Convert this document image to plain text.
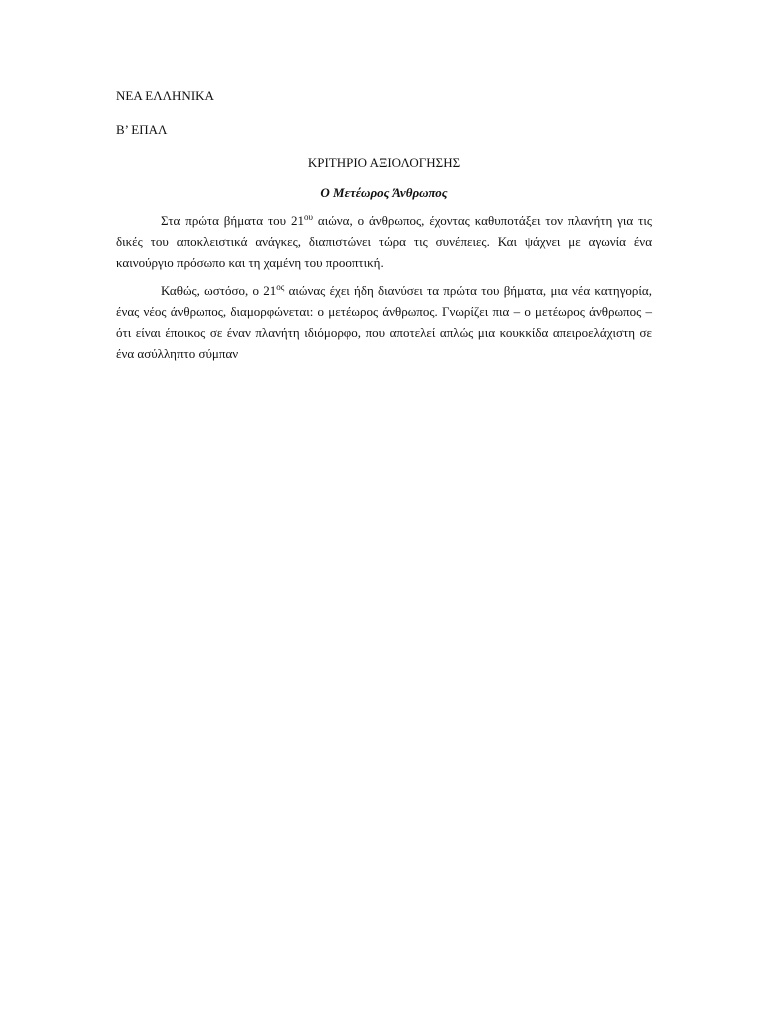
ΝΕΑ ΕΛΛΗΝΙΚΑ

Β’ ΕΠΑΛ

ΚΡΙΤΗΡΙΟ ΑΞΙΟΛΟΓΗΣΗΣ

Ο Μετέωρος Άνθρωπος

Στα πρώτα βήματα του $21^{o\upsilon}$ αιώνα, ο άνθρωπος, έχοντας καθυποτάξει τον πλανήτη για τις δικές του αποκλειστικά ανάγκες, διαπιστώνει τώρα τις συνέπειες. Και ψάχνει με αγωνία ένα καινούργιο πρόσωπο και τη χαμένη του προοπτική.

Καθώς, ωστόσο, ο $21^{o\varsigma}$ αιώνας έχει ήδη διανύσει τα πρώτα του βήματα, μια νέα κατηγορία, ένας νέος άνθρωπος, διαμορφώνεται: ο μετέωρος άνθρωπος. Γνωρίζει πια – ο μετέωρος άνθρωπος – ότι είναι έποικος σε έναν πλανήτη ιδιόμορφο, που αποτελεί απλώς μια κουκκίδα απειροελάχιστη σε ένα ασύλληπτο σύμπαν
